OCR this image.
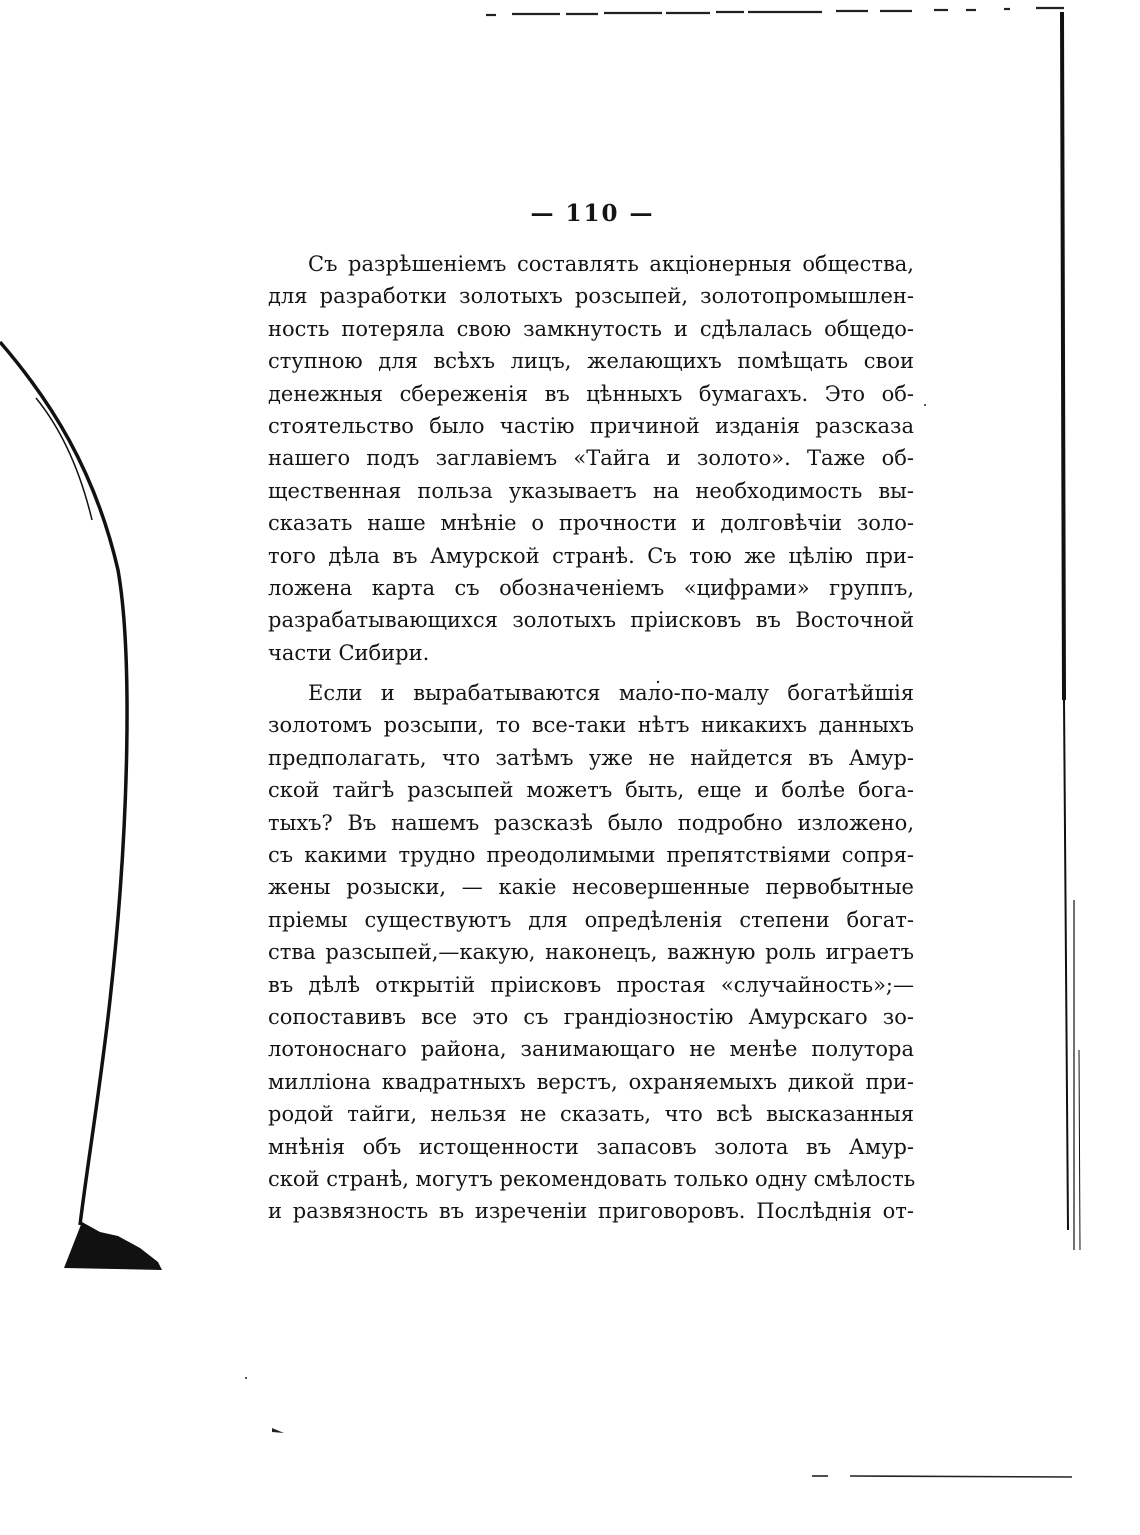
— 110 —
Съ разрѣшеніемъ составлять акціонерныя общества,
для разработки золотыхъ розсыпей, золотопромышлен-
ность потеряла свою замкнутость и сдѣлалась общедо-
ступною для всѣхъ лицъ, желающихъ помѣщать свои
денежныя сбереженія въ цѣнныхъ бумагахъ. Это об-
стоятельство было частію причиной изданія разсказа
нашего подъ заглавіемъ «Тайга и золото». Таже об-
щественная польза указываетъ на необходимость вы-
сказать наше мнѣніе о прочности и долговѣчіи золо-
того дѣла въ Амурской странѣ. Съ тою же цѣлію при-
ложена карта съ обозначеніемъ «цифрами» группъ,
разрабатывающихся золотыхъ прiисковъ въ Восточной
части Сибири.
Если и вырабатываются мало-по-малу богатѣйшія
золотомъ розсыпи, то все-таки нѣтъ никакихъ данныхъ
предполагать, что затѣмъ уже не найдется въ Амур-
ской тайгѣ разсыпей можетъ быть, еще и болѣе бога-
тыхъ? Въ нашемъ разсказѣ было подробно изложено,
съ какими трудно преодолимыми препятствіями сопря-
жены розыски, — какіе несовершенные первобытные
пріемы существуютъ для опредѣленія степени богат-
ства разсыпей,—какую, наконецъ, важную роль играетъ
въ дѣлѣ открытій прiисковъ простая «случайность»;—
сопоставивъ все это съ грандіозностію Амурскаго зо-
лотоноснаго района, занимающаго не менѣе полутора
милліона квадратныхъ верстъ, охраняемыхъ дикой при-
родой тайги, нельзя не сказать, что всѣ высказанныя
мнѣнія объ истощенности запасовъ золота въ Амур-
ской странѣ, могутъ рекомендовать только одну смѣлость
и развязность въ изреченіи приговоровъ. Послѣднія от-
